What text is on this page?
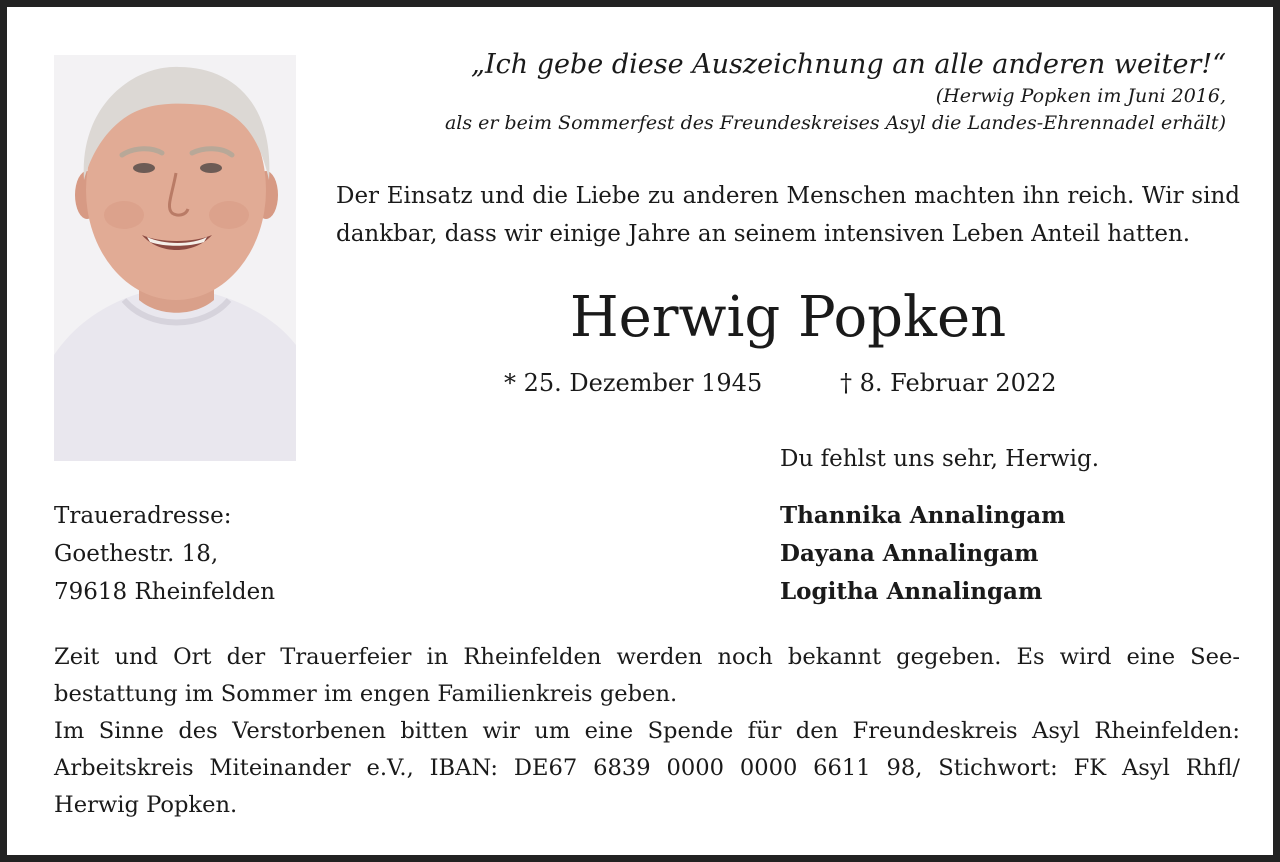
„Ich gebe diese Auszeichnung an alle anderen weiter!“
(Herwig Popken im Juni 2016,
als er beim Sommerfest des Freundeskreises Asyl die Landes-Ehrennadel erhält)
Der Einsatz und die Liebe zu anderen Menschen machten ihn reich. Wir sind
dankbar, dass wir einige Jahre an seinem intensiven Leben Anteil hatten.
Herwig Popken
* 25. Dezember 1945	† 8. Februar 2022
Du fehlst uns sehr, Herwig.
Thannika Annalingam
Dayana Annalingam
Logitha Annalingam
Traueradresse:
Goethestr. 18,
79618 Rheinfelden
Zeit und Ort der Trauerfeier in Rheinfelden werden noch bekannt gegeben. Es wird eine See-
bestattung im Sommer im engen Familienkreis geben.
Im Sinne des Verstorbenen bitten wir um eine Spende für den Freundeskreis Asyl Rheinfelden:
Arbeitskreis Miteinander e.V., IBAN: DE67 6839 0000 0000 6611 98, Stichwort: FK Asyl Rhfl/
Herwig Popken.
